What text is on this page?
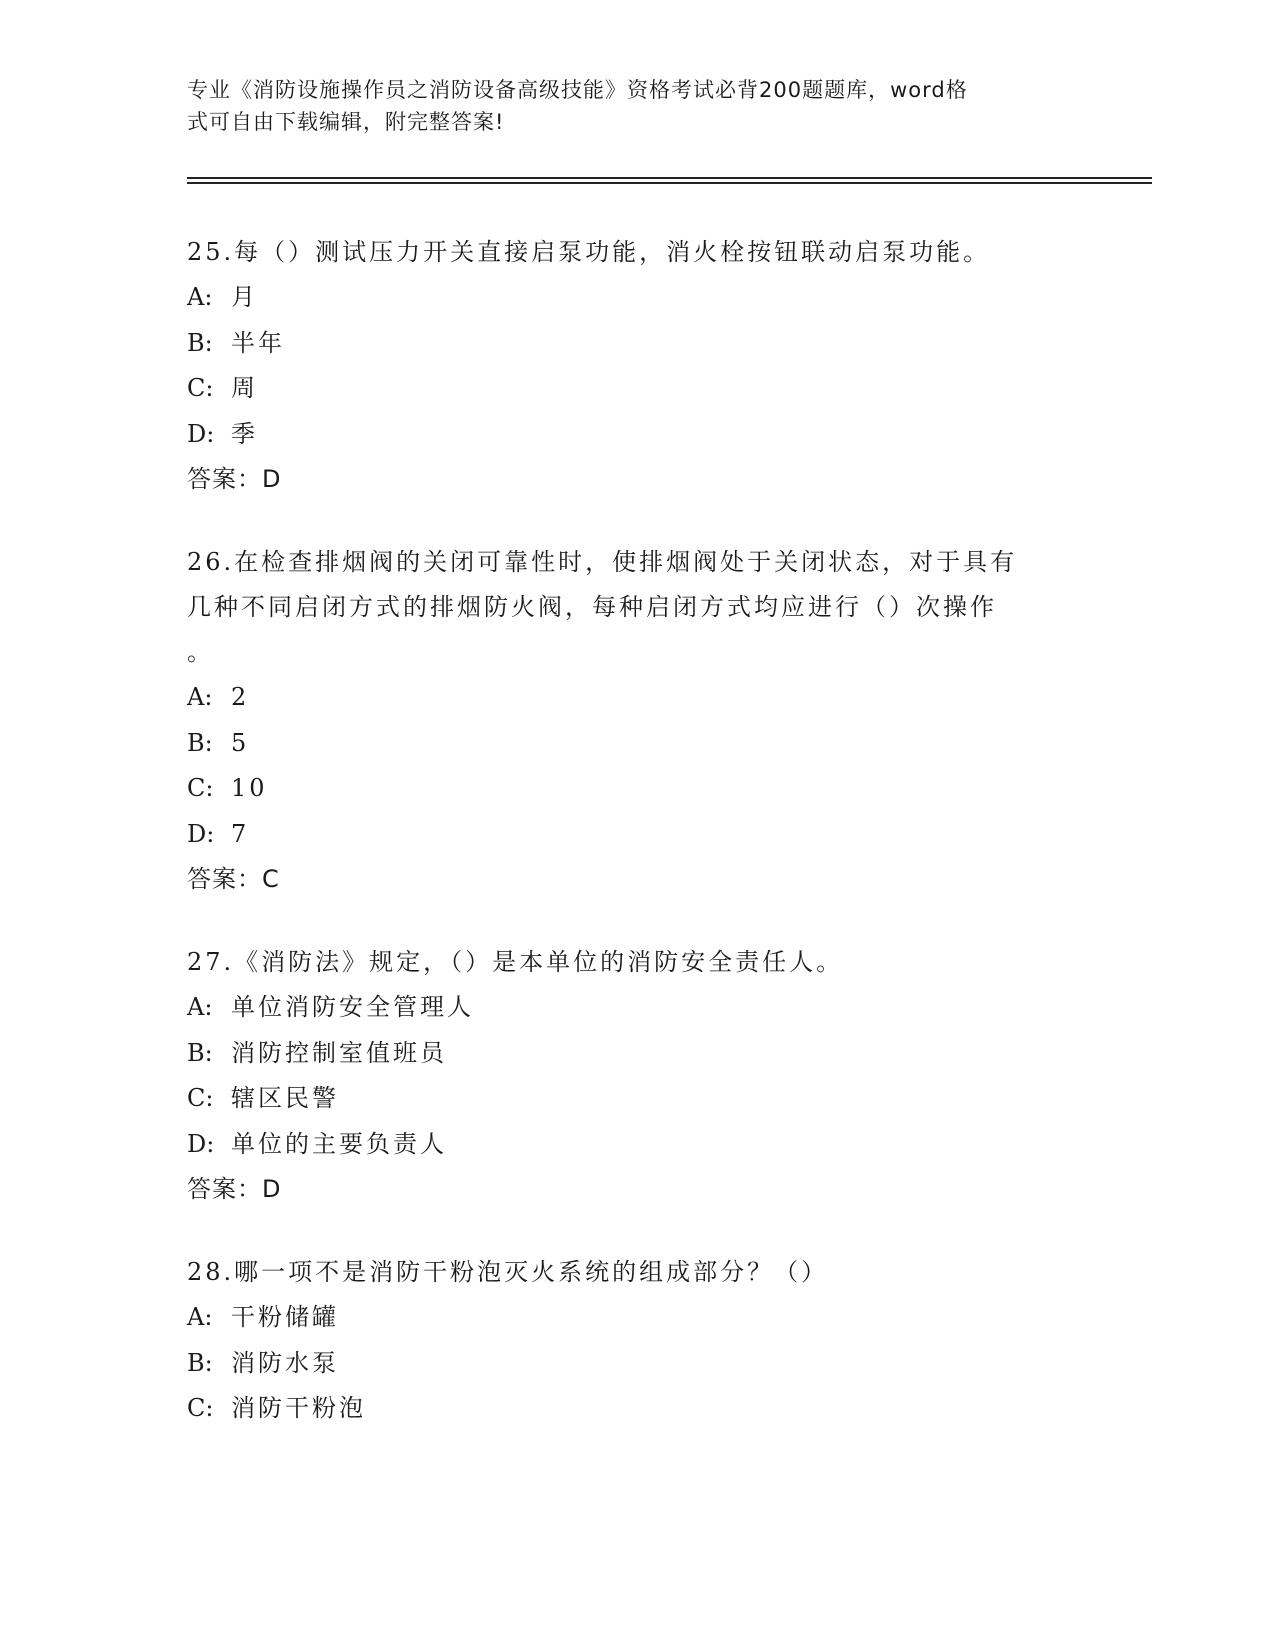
专业《消防设施操作员之消防设备高级技能》资格考试必背200题题库，word格
式可自由下载编辑，附完整答案!
25.每（）测试压力开关直接启泵功能，消火栓按钮联动启泵功能。
A: 月
B: 半年
C: 周
D: 季
答案：D
26.在检查排烟阀的关闭可靠性时，使排烟阀处于关闭状态，对于具有
几种不同启闭方式的排烟防火阀，每种启闭方式均应进行（）次操作
。
A: 2
B: 5
C: 10
D: 7
答案：C
27.《消防法》规定，（）是本单位的消防安全责任人。
A: 单位消防安全管理人
B: 消防控制室值班员
C: 辖区民警
D: 单位的主要负责人
答案：D
28.哪一项不是消防干粉泡灭火系统的组成部分？（）
A: 干粉储罐
B: 消防水泵
C: 消防干粉泡
